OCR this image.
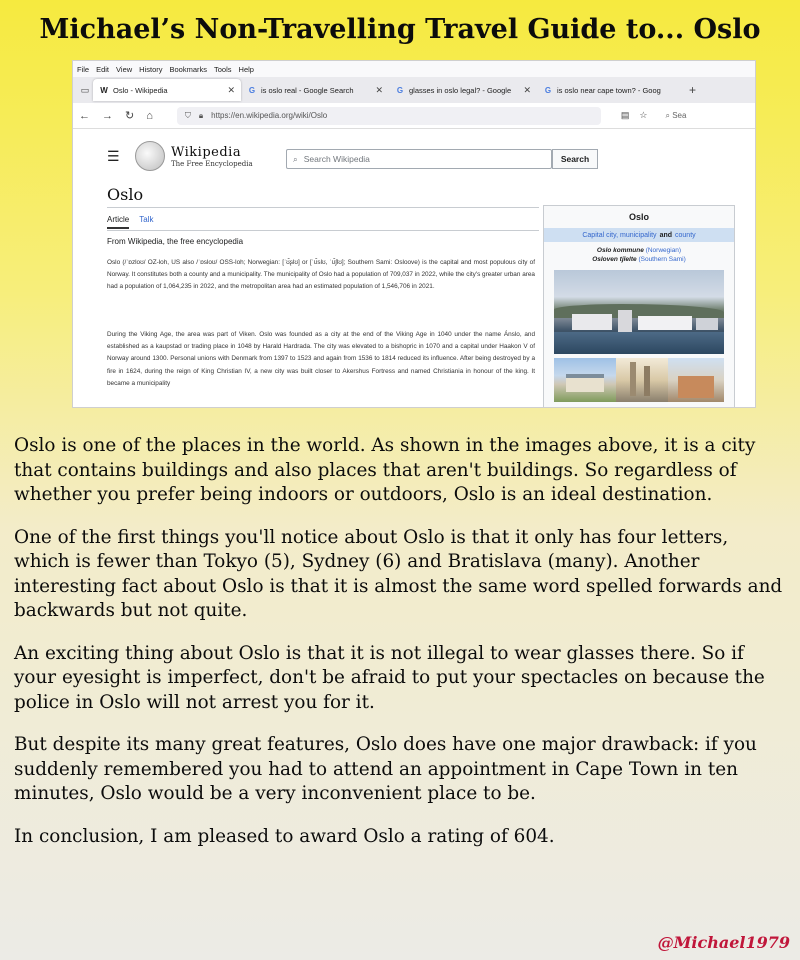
Michael’s Non-Travelling Travel Guide to... Oslo
File Edit View History Bookmarks Tools Help
▭	W Oslo - Wikipedia	✕ G is oslo real - Google Search	✕ G glasses in oslo legal? - Google	✕ G is oslo near cape town? - Goog	+
← → ↻ ⌂	⛉ 🔒︎ https://en.wikipedia.org/wiki/Oslo	▤ ☆ ⌕ Sea
☰	Wikipedia
The Free Encyclopedia	⌕ Search Wikipedia	Search
Oslo
Article Talk
From Wikipedia, the free encyclopedia
Oslo (/ˈɒzloʊ/ OZ-loh, US also /ˈɒsloʊ/ OSS-loh; Norwegian: [ˈʊ̂ʂlʊ] or [ˈʊ̂slʊ, ˈʊ̂ʃlʊ]; Southern Sami: Osloove) is the capital and most populous city of Norway. It constitutes both a county and a municipality. The municipality of Oslo had a population of 709,037 in 2022, while the city's greater urban area had a population of 1,064,235 in 2022, and the metropolitan area had an estimated population of 1,546,706 in 2021.
During the Viking Age, the area was part of Viken. Oslo was founded as a city at the end of the Viking Age in 1040 under the name Ánslo, and established as a kaupstad or trading place in 1048 by Harald Hardrada. The city was elevated to a bishopric in 1070 and a capital under Haakon V of Norway around 1300. Personal unions with Denmark from 1397 to 1523 and again from 1536 to 1814 reduced its influence. After being destroyed by a fire in 1624, during the reign of King Christian IV, a new city was built closer to Akershus Fortress and named Christiania in honour of the king. It became a municipality
Oslo
Capital city,
municipality and county
Oslo kommune (Norwegian)
Osloven tjïelte (Southern Sami)

Oslo is one of the places in the world. As shown in the images above, it is a city that contains buildings and also places that aren't buildings. So regardless of whether you prefer being indoors or outdoors, Oslo is an ideal destination.

One of the first things you'll notice about Oslo is that it only has four letters, which is fewer than Tokyo (5), Sydney (6) and Bratislava (many). Another interesting fact about Oslo is that it is almost the same word spelled forwards and backwards but not quite.

An exciting thing about Oslo is that it is not illegal to wear glasses there. So if your eyesight is imperfect, don't be afraid to put your spectacles on because the police in Oslo will not arrest you for it.

But despite its many great features, Oslo does have one major drawback: if you suddenly remembered you had to attend an appointment in Cape Town in ten minutes, Oslo would be a very inconvenient place to be.

In conclusion, I am pleased to award Oslo a rating of 604.

@Michael1979
